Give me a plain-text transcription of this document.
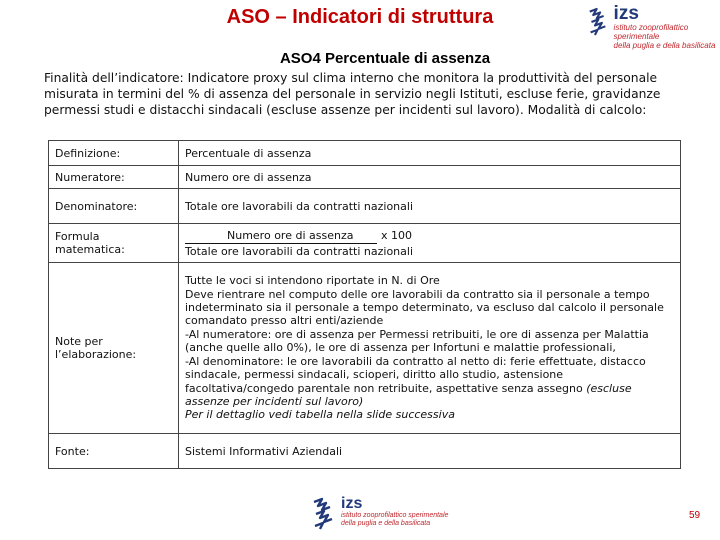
ASO – Indicatori di struttura	izs
istituto zooprofilattico sperimentale
della puglia e della basilicata
ASO4 Percentuale di assenza
Finalità dell’indicatore: Indicatore proxy sul clima interno che monitora la produttività del personale misurata in termini del % di assenza del personale in servizio negli Istituti, escluse ferie, gravidanze permessi studi e distacchi sindacali (escluse assenze per incidenti sul lavoro). Modalità di calcolo:
Definizione:	Percentuale di assenza
Numeratore:	Numero ore di assenza
Denominatore:	Totale ore lavorabili da contratti nazionali
Formula matematica:	Numero ore di assenza x 100
Totale ore lavorabili da contratti nazionali
Note per l’elaborazione:	Tutte le voci si intendono riportate in N. di Ore
Deve rientrare nel computo delle ore lavorabili da contratto sia il personale a tempo indeterminato sia il personale a tempo determinato, va escluso dal calcolo il personale comandato presso altri enti/aziende
-Al numeratore: ore di assenza per Permessi retribuiti, le ore di assenza per Malattia (anche quelle allo 0%), le ore di assenza per Infortuni e malattie professionali,
-Al denominatore: le ore lavorabili da contratto al netto di: ferie effettuate, distacco sindacale, permessi sindacali, scioperi, diritto allo studio, astensione facoltativa/congedo parentale non retribuite, aspettative senza assegno (escluse assenze per incidenti sul lavoro)
Per il dettaglio vedi tabella nella slide successiva

Fonte:	Sistemi Informativi Aziendali
izs
istituto zooprofilattico sperimentale
della puglia e della basilicata
59
